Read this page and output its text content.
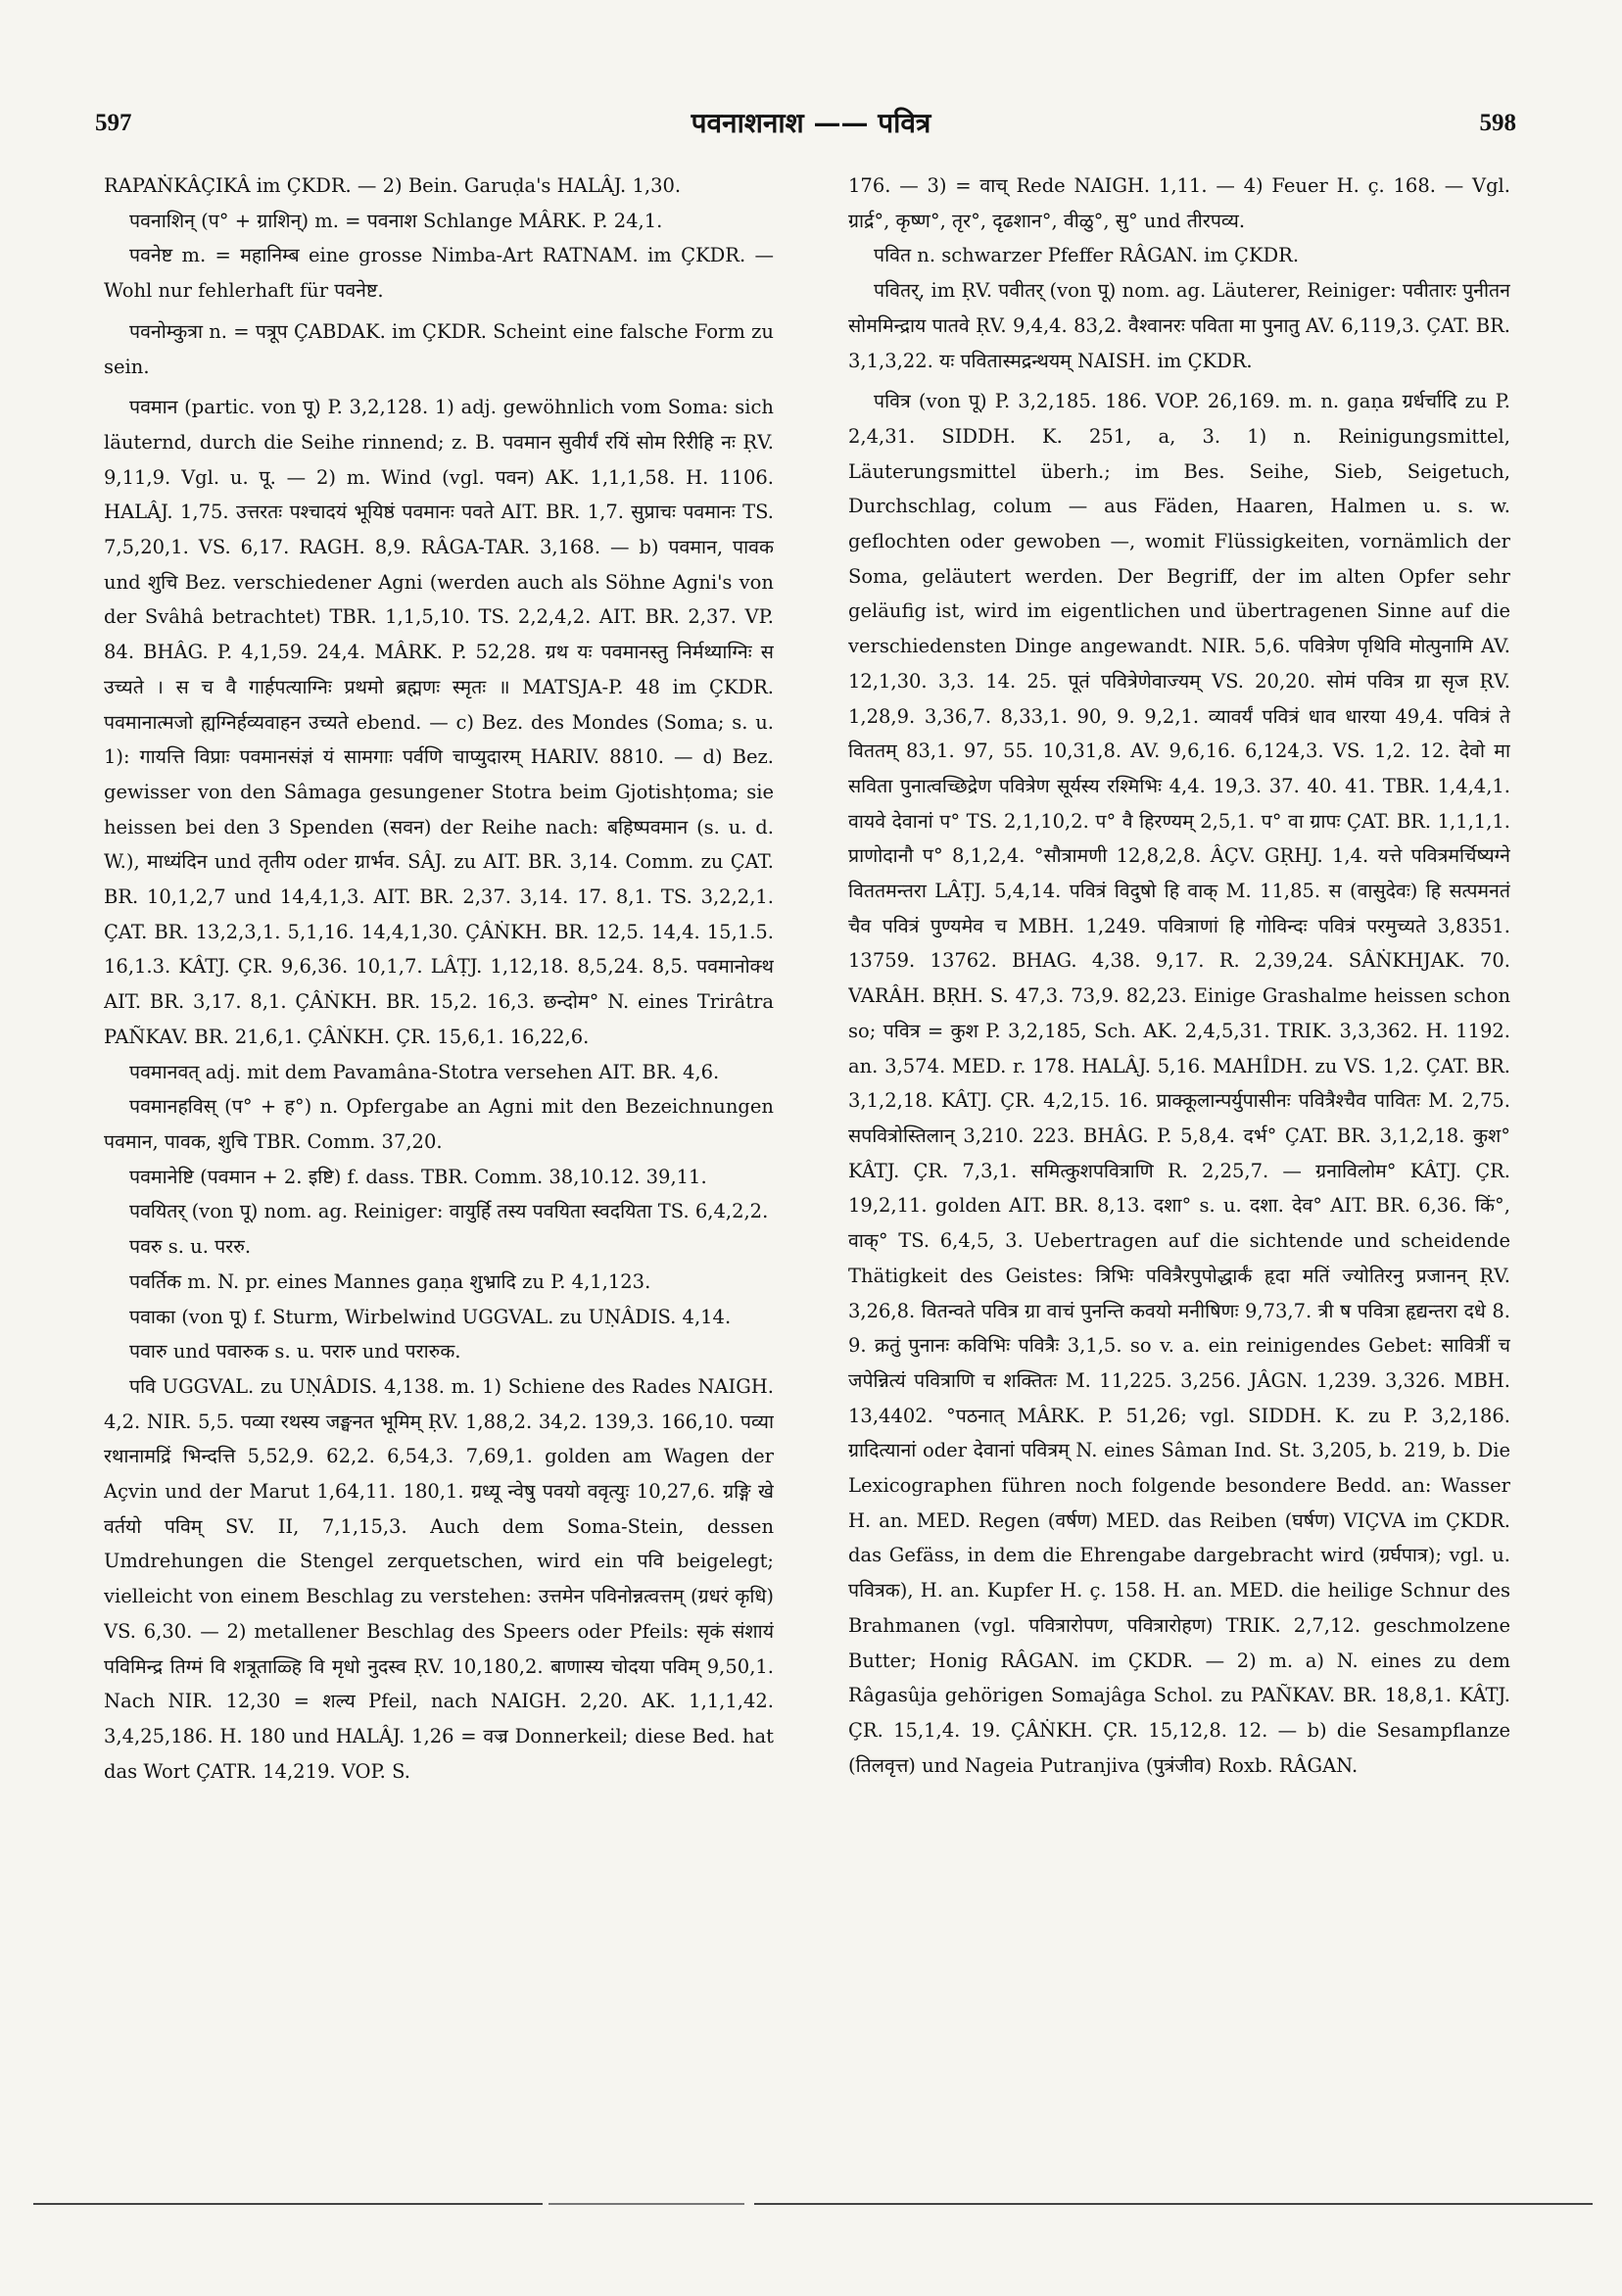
597	पवनाशनाश —— पवित्र	598

RAPAṄKÂÇIKÂ im ÇKDR. — 2) Bein. Garuḍa's HALÂJ. 1,30.

पवनाशिन् (प° + ग्राशिन्) m. = पवनाश Schlange MÂRK. P. 24,1.

पवनेष्ट m. = महानिम्ब eine grosse Nimba-Art RATNAM. im ÇKDR. — Wohl nur fehlerhaft für पवनेष्ट.

पवनोम्कुत्रा n. = पत्रूप ÇABDAK. im ÇKDR. Scheint eine falsche Form zu sein.

पवमान (partic. von पू) P. 3,2,128. 1) adj. gewöhnlich vom Soma: sich läuternd, durch die Seihe rinnend; z. B. पवमान सुवीर्यं रयिं सोम रिरीहि नः ṚV. 9,11,9. Vgl. u. पू. — 2) m. Wind (vgl. पवन) AK. 1,1,1,58. H. 1106. HALÂJ. 1,75. उत्तरतः पश्चादयं भूयिष्ठं पवमानः पवते AIT. BR. 1,7. सुप्राचः पवमानः TS. 7,5,20,1. VS. 6,17. RAGH. 8,9. RÂGA-TAR. 3,168. — b) पवमान, पावक und शुचि Bez. verschiedener Agni (werden auch als Söhne Agni's von der Svâhâ betrachtet) TBR. 1,1,5,10. TS. 2,2,4,2. AIT. BR. 2,37. VP. 84. BHÂG. P. 4,1,59. 24,4. MÂRK. P. 52,28. ग्रथ यः पवमानस्तु निर्मथ्याग्निः स उच्यते । स च वै गार्हपत्याग्निः प्रथमो ब्रह्मणः स्मृतः ॥ MATSJA-P. 48 im ÇKDR. पवमानात्मजो ह्यग्निर्हव्यवाहन उच्यते ebend. — c) Bez. des Mondes (Soma; s. u. 1): गायत्ति विप्राः पवमानसंज्ञं यं सामगाः पर्वणि चाप्युदारम् HARIV. 8810. — d) Bez. gewisser von den Sâmaga gesungener Stotra beim Gjotishṭoma; sie heissen bei den 3 Spenden (सवन) der Reihe nach: बहिष्पवमान (s. u. d. W.), माध्यंदिन und तृतीय oder ग्रार्भव. SÂJ. zu AIT. BR. 3,14. Comm. zu ÇAT. BR. 10,1,2,7 und 14,4,1,3. AIT. BR. 2,37. 3,14. 17. 8,1. TS. 3,2,2,1. ÇAT. BR. 13,2,3,1. 5,1,16. 14,4,1,30. ÇÂṄKH. BR. 12,5. 14,4. 15,1.5. 16,1.3. KÂTJ. ÇR. 9,6,36. 10,1,7. LÂṬJ. 1,12,18. 8,5,24. 8,5. पवमानोक्थ AIT. BR. 3,17. 8,1. ÇÂṄKH. BR. 15,2. 16,3. छन्दोम° N. eines Trirâtra PAÑKAV. BR. 21,6,1. ÇÂṄKH. ÇR. 15,6,1. 16,22,6.

पवमानवत् adj. mit dem Pavamâna-Stotra versehen AIT. BR. 4,6.

पवमानहविस् (प° + ह°) n. Opfergabe an Agni mit den Bezeichnungen पवमान, पावक, शुचि TBR. Comm. 37,20.

पवमानेष्टि (पवमान + 2. इष्टि) f. dass. TBR. Comm. 38,10.12. 39,11.

पवयितर् (von पू) nom. ag. Reiniger: वायुर्हि तस्य पवयिता स्वदयिता TS. 6,4,2,2.

पवरु s. u. पररु.

पवर्तिक m. N. pr. eines Mannes gaṇa शुभ्रादि zu P. 4,1,123.

पवाका (von पू) f. Sturm, Wirbelwind UGGVAL. zu UṆÂDIS. 4,14.

पवारु und पवारुक s. u. परारु und परारुक.

पवि UGGVAL. zu UṆÂDIS. 4,138. m. 1) Schiene des Rades NAIGH. 4,2. NIR. 5,5. पव्या रथस्य जङ्घनत भूमिम् ṚV. 1,88,2. 34,2. 139,3. 166,10. पव्या रथानामद्रिं भिन्दत्ति 5,52,9. 62,2. 6,54,3. 7,69,1. golden am Wagen der Açvin und der Marut 1,64,11. 180,1. ग्रध्यू न्वेषु पवयो ववृत्युः 10,27,6. ग्रङ्गि खे वर्तयो पविम् SV. II, 7,1,15,3. Auch dem Soma-Stein, dessen Umdrehungen die Stengel zerquetschen, wird ein पवि beigelegt; vielleicht von einem Beschlag zu verstehen: उत्तमेन पविनोन्नत्वत्तम् (ग्रधरं कृधि) VS. 6,30. — 2) metallener Beschlag des Speers oder Pfeils: सृकं संशायं पविमिन्द्र तिग्मं वि शत्रूताळ्हि वि मृधो नुदस्व ṚV. 10,180,2. बाणास्य चोदया पविम् 9,50,1. Nach NIR. 12,30 = शल्य Pfeil, nach NAIGH. 2,20. AK. 1,1,1,42. 3,4,25,186. H. 180 und HALÂJ. 1,26 = वज्र Donnerkeil; diese Bed. hat das Wort ÇATR. 14,219. VOP. S.

176. — 3) = वाच् Rede NAIGH. 1,11. — 4) Feuer H. ç. 168. — Vgl. ग्रार्द्र°, कृष्ण°, तृर°, दृढशान°, वीळु°, सु° und तीरपव्य.

पवित n. schwarzer Pfeffer RÂGAN. im ÇKDR.

पवितर्, im ṚV. पवीतर् (von पू) nom. ag. Läuterer, Reiniger: पवीतारः पुनीतन सोममिन्द्राय पातवे ṚV. 9,4,4. 83,2. वैश्वानरः पविता मा पुनातु AV. 6,119,3. ÇAT. BR. 3,1,3,22. यः पवितास्मद्रन्थयम् NAISH. im ÇKDR.

पवित्र (von पू) P. 3,2,185. 186. VOP. 26,169. m. n. gaṇa ग्रर्धर्चादि zu P. 2,4,31. SIDDH. K. 251, a, 3. 1) n. Reinigungsmittel, Läuterungsmittel überh.; im Bes. Seihe, Sieb, Seigetuch, Durchschlag, colum — aus Fäden, Haaren, Halmen u. s. w. geflochten oder gewoben —, womit Flüssigkeiten, vornämlich der Soma, geläutert werden. Der Begriff, der im alten Opfer sehr geläufig ist, wird im eigentlichen und übertragenen Sinne auf die verschiedensten Dinge angewandt. NIR. 5,6. पवित्रेण पृथिवि मोत्पुनामि AV. 12,1,30. 3,3. 14. 25. पूतं पवित्रेणेवाज्यम् VS. 20,20. सोमं पवित्र ग्रा सृज ṚV. 1,28,9. 3,36,7. 8,33,1. 90, 9. 9,2,1. व्यावर्यं पवित्रं धाव धारया 49,4. पवित्रं ते विततम् 83,1. 97, 55. 10,31,8. AV. 9,6,16. 6,124,3. VS. 1,2. 12. देवो मा सविता पुनात्वच्छिद्रेण पवित्रेण सूर्यस्य रश्मिभिः 4,4. 19,3. 37. 40. 41. TBR. 1,4,4,1. वायवे देवानां प° TS. 2,1,10,2. प° वै हिरण्यम् 2,5,1. प° वा ग्रापः ÇAT. BR. 1,1,1,1. प्राणोदानौ प° 8,1,2,4. °सौत्रामणी 12,8,2,8. ÂÇV. GṚHJ. 1,4. यत्ते पवित्रमर्चिष्यग्ने विततमन्तरा LÂṬJ. 5,4,14. पवित्रं विदुषो हि वाक् M. 11,85. स (वासुदेवः) हि सत्पमनतं चैव पवित्रं पुण्यमेव च MBH. 1,249. पवित्राणां हि गोविन्दः पवित्रं परमुच्यते 3,8351. 13759. 13762. BHAG. 4,38. 9,17. R. 2,39,24. SÂṄKHJAK. 70. VARÂH. BṚH. S. 47,3. 73,9. 82,23. Einige Grashalme heissen schon so; पवित्र = कुश P. 3,2,185, Sch. AK. 2,4,5,31. TRIK. 3,3,362. H. 1192. an. 3,574. MED. r. 178. HALÂJ. 5,16. MAHÎDH. zu VS. 1,2. ÇAT. BR. 3,1,2,18. KÂTJ. ÇR. 4,2,15. 16. प्राक्कूलान्पर्युपासीनः पवित्रैश्चैव पावितः M. 2,75. सपवित्रोस्तिलान् 3,210. 223. BHÂG. P. 5,8,4. दर्भ° ÇAT. BR. 3,1,2,18. कुश° KÂTJ. ÇR. 7,3,1. समित्कुशपवित्राणि R. 2,25,7. — ग्रनाविलोम° KÂTJ. ÇR. 19,2,11. golden AIT. BR. 8,13. दशा° s. u. दशा. देव° AIT. BR. 6,36. किं°, वाक्° TS. 6,4,5, 3. Uebertragen auf die sichtende und scheidende Thätigkeit des Geistes: त्रिभिः पवित्रैरपुपोद्धार्कं हृदा मतिं ज्योतिरनु प्रजानन् ṚV. 3,26,8. वितन्वते पवित्र ग्रा वाचं पुनन्ति कवयो मनीषिणः 9,73,7. त्री ष पवित्रा हृद्यन्तरा दधे 8. 9. क्रतुं पुनानः कविभिः पवित्रैः 3,1,5. so v. a. ein reinigendes Gebet: सावित्रीं च जपेन्नित्यं पवित्राणि च शक्तितः M. 11,225. 3,256. JÂGN. 1,239. 3,326. MBH. 13,4402. °पठनात् MÂRK. P. 51,26; vgl. SIDDH. K. zu P. 3,2,186. ग्रादित्यानां oder देवानां पवित्रम् N. eines Sâman Ind. St. 3,205, b. 219, b. Die Lexicographen führen noch folgende besondere Bedd. an: Wasser H. an. MED. Regen (वर्षण) MED. das Reiben (घर्षण) VIÇVA im ÇKDR. das Gefäss, in dem die Ehrengabe dargebracht wird (ग्रर्घपात्र); vgl. u. पवित्रक), H. an. Kupfer H. ç. 158. H. an. MED. die heilige Schnur des Brahmanen (vgl. पवित्रारोपण, पवित्रारोहण) TRIK. 2,7,12. geschmolzene Butter; Honig RÂGAN. im ÇKDR. — 2) m. a) N. eines zu dem Râgasûja gehörigen Somajâga Schol. zu PAÑKAV. BR. 18,8,1. KÂTJ. ÇR. 15,1,4. 19. ÇÂṄKH. ÇR. 15,12,8. 12. — b) die Sesampflanze (तिलवृत्त) und Nageia Putranjiva (पुत्रंजीव) Roxb. RÂGAN.
